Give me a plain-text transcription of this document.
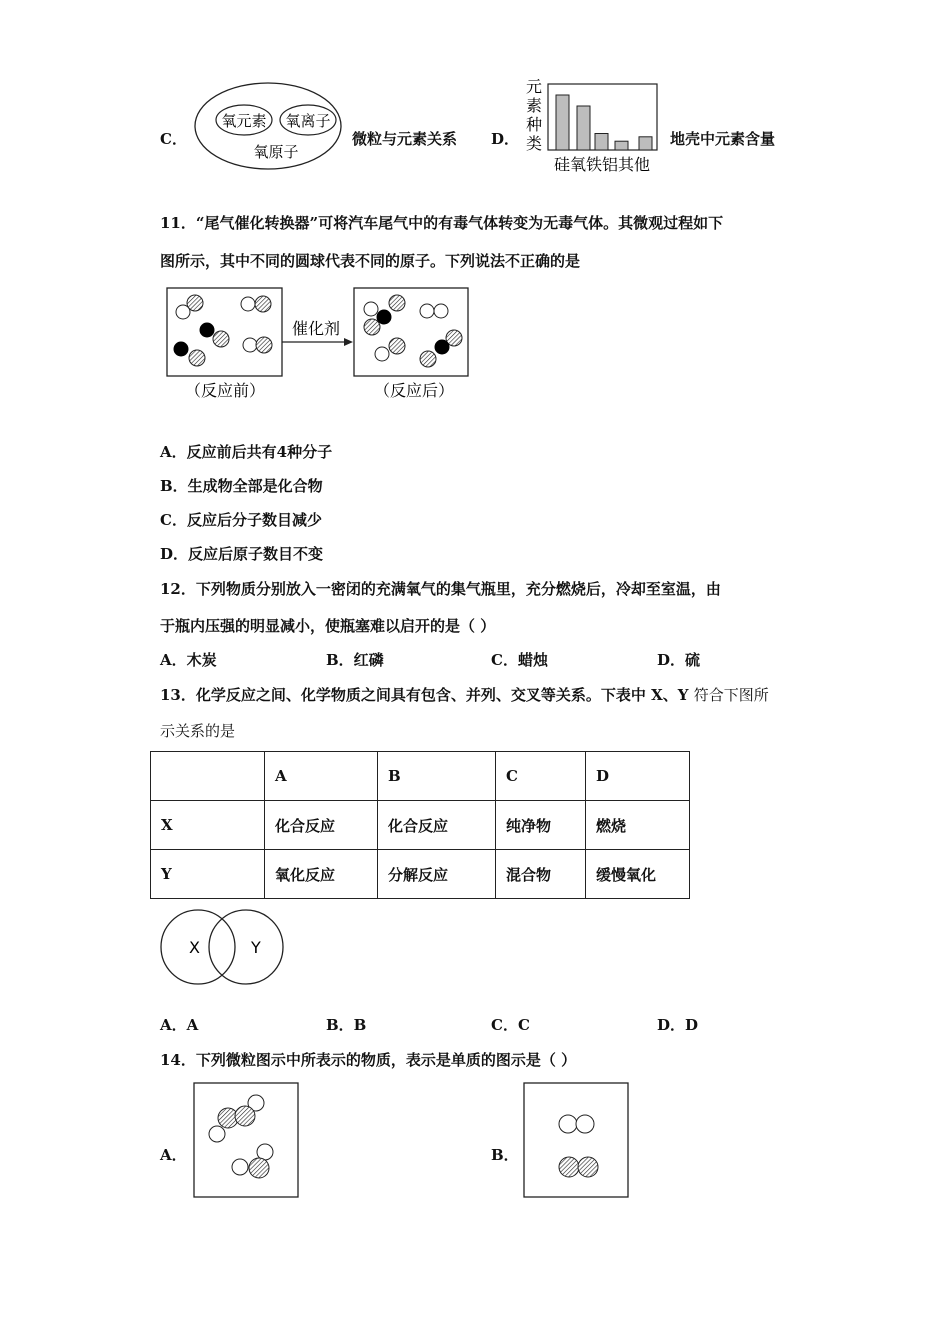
C．
氧元素 氧离子
氧原子
微粒与元素关系 D．
元
素
种
类
硅氧铁铝其他
地壳中元素含量
11．“尾气催化转换器”可将汽车尾气中的有毒气体转变为无毒气体。其微观过程如下
图所示，其中不同的圆球代表不同的原子。下列说法不正确的是
（反应前）
催化剂
（反应后）
A．反应前后共有4种分子
B．生成物全部是化合物
C．反应后分子数目减少
D．反应后原子数目不变
12．下列物质分别放入一密闭的充满氧气的集气瓶里，充分燃烧后，冷却至室温，由
于瓶内压强的明显减小，使瓶塞难以启开的是（ ）
A．木炭	B．红磷	C．蜡烛	D．硫
13．化学反应之间、化学物质之间具有包含、并列、交叉等关系。下表中 X、Y 符合下图所
示关系的是
	A	B	C	D
X	化合反应	化合反应	纯净物	燃烧
Y	氧化反应	分解反应	混合物	缓慢氧化
X	Y
A．A	B．B	C．C	D．D
14．下列微粒图示中所表示的物质，表示是单质的图示是（ ）
A．	B．
